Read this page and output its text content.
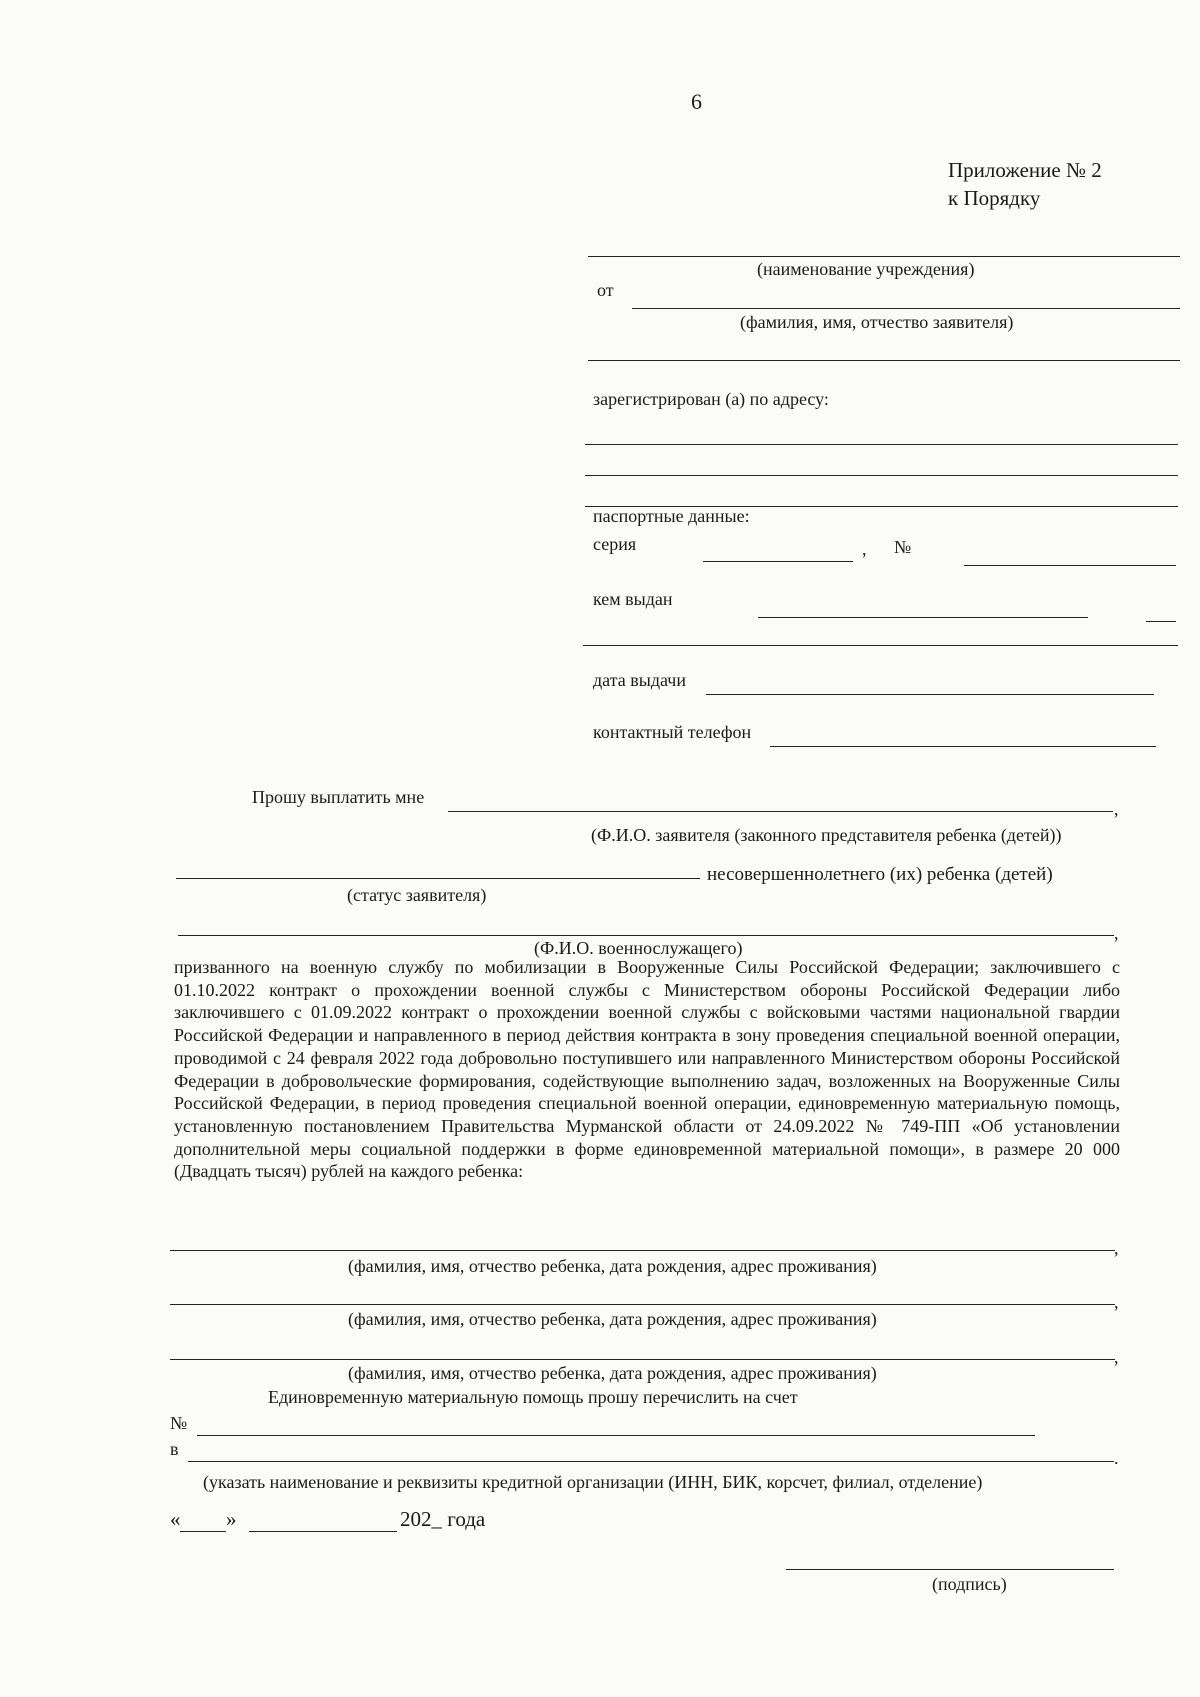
6
Приложение № 2
к Порядку
(наименование учреждения)
от
(фамилия, имя, отчество заявителя)
зарегистрирован (а) по адресу:
паспортные данные:
серия	, №
кем выдан
дата выдачи
контактный телефон
Прошу выплатить мне
,
(Ф.И.О. заявителя (законного представителя ребенка (детей))
несовершеннолетнего (их) ребенка (детей)
(статус заявителя)
,
(Ф.И.О. военнослужащего)
призванного на военную службу по мобилизации в Вооруженные Силы Российской Федерации; заключившего с 01.10.2022 контракт о прохождении военной службы с Министерством обороны Российской Федерации либо заключившего с 01.09.2022 контракт о прохождении военной службы с войсковыми частями национальной гвардии Российской Федерации и направленного в период действия контракта в зону проведения специальной военной операции, проводимой с 24 февраля 2022 года добровольно поступившего или направленного Министерством обороны Российской Федерации в добровольческие формирования, содействующие выполнению задач, возложенных на Вооруженные Силы Российской Федерации, в период проведения специальной военной операции, единовременную материальную помощь, установленную постановлением Правительства Мурманской области от 24.09.2022 № 749-ПП «Об установлении дополнительной меры социальной поддержки в форме единовременной материальной помощи», в размере 20 000 (Двадцать тысяч) рублей на каждого ребенка:
,
(фамилия, имя, отчество ребенка, дата рождения, адрес проживания)
,
(фамилия, имя, отчество ребенка, дата рождения, адрес проживания)
,
(фамилия, имя, отчество ребенка, дата рождения, адрес проживания)
Единовременную материальную помощь прошу перечислить на счет
№
в	.
(указать наименование и реквизиты кредитной организации (ИНН, БИК, корсчет, филиал, отделение)
« »	202_ года
(подпись)
